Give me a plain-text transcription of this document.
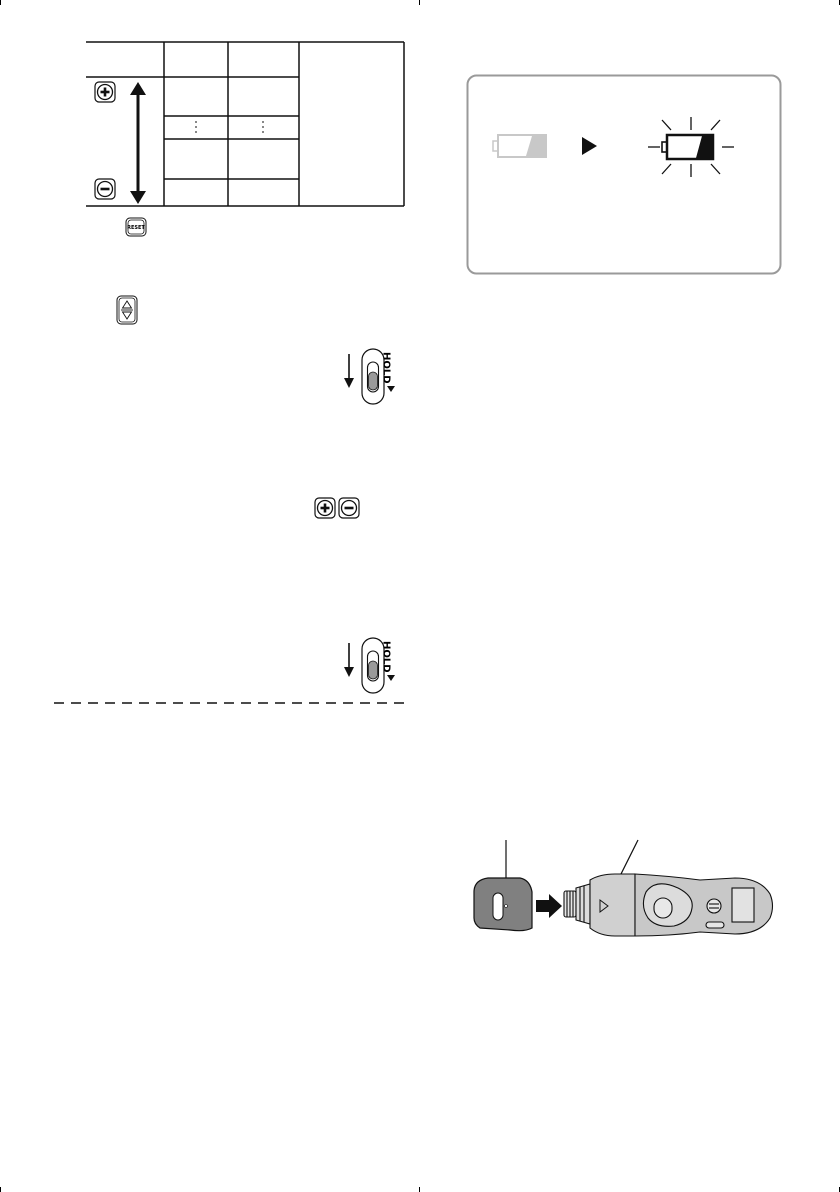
RESET
HOLD
HOLD
